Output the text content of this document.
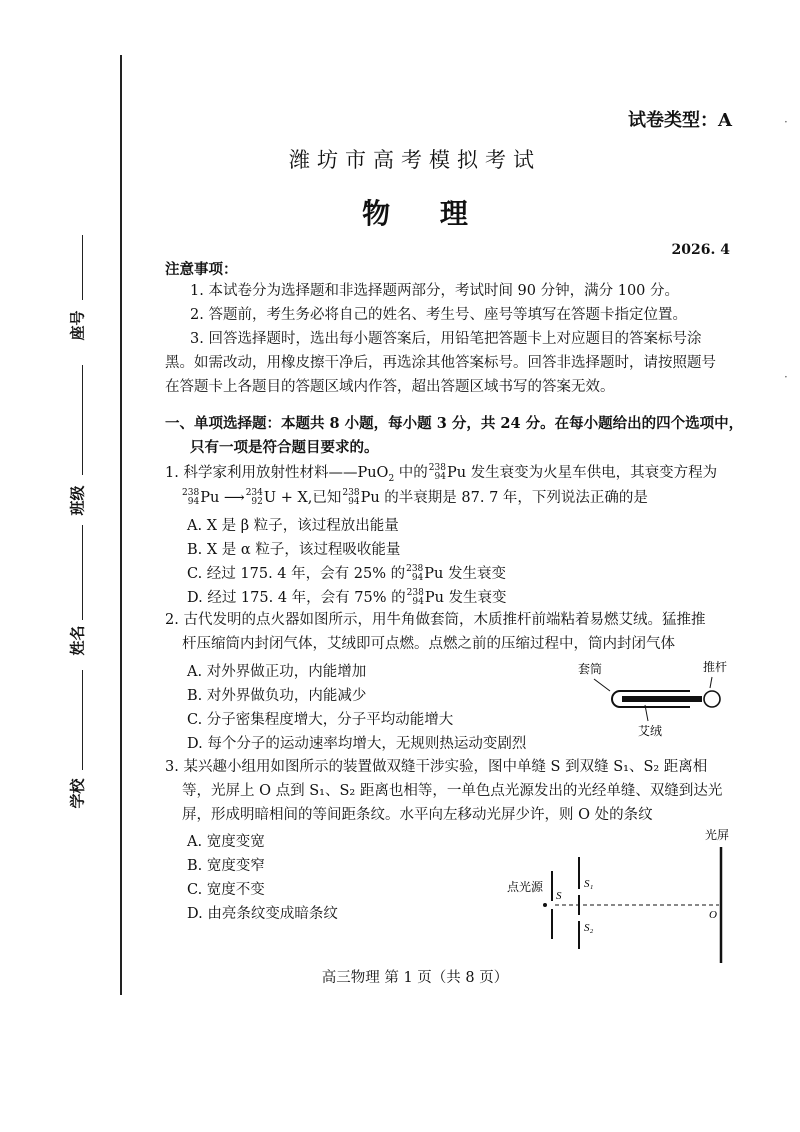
座号
班级
姓名
学校
试卷类型：A
潍坊市高考模拟考试
物 理
2026. 4
注意事项：
1. 本试卷分为选择题和非选择题两部分，考试时间 90 分钟，满分 100 分。
2. 答题前，考生务必将自己的姓名、考生号、座号等填写在答题卡指定位置。
3. 回答选择题时，选出每小题答案后，用铅笔把答题卡上对应题目的答案标号涂
黑。如需改动，用橡皮擦干净后，再选涂其他答案标号。回答非选择题时，请按照题号
在答题卡上各题目的答题区域内作答，超出答题区域书写的答案无效。
一、单项选择题：本题共 8 小题，每小题 3 分，共 24 分。在每小题给出的四个选项中，
只有一项是符合题目要求的。
1. 科学家利用放射性材料——PuO$_2$ 中的 238
94 Pu 发生衰变为火星车供电，其衰变方程为
238
94 Pu ⟶ 234
92 U + X,已知 238
94 Pu 的半衰期是 87. 7 年，下列说法正确的是
A. X 是 β 粒子，该过程放出能量
B. X 是 α 粒子，该过程吸收能量
C. 经过 175. 4 年，会有 25% 的 238
94 Pu 发生衰变
D. 经过 175. 4 年，会有 75% 的 238
94 Pu 发生衰变
2. 古代发明的点火器如图所示，用牛角做套筒，木质推杆前端粘着易燃艾绒。猛推推
杆压缩筒内封闭气体，艾绒即可点燃。点燃之前的压缩过程中，筒内封闭气体
A. 对外界做正功，内能增加
B. 对外界做负功，内能减少
C. 分子密集程度增大，分子平均动能增大
D. 每个分子的运动速率均增大，无规则热运动变剧烈
套筒	推杆
艾绒
3. 某兴趣小组用如图所示的装置做双缝干涉实验，图中单缝 S 到双缝 S₁、S₂ 距离相
等，光屏上 O 点到 S₁、S₂ 距离也相等，一单色点光源发出的光经单缝、双缝到达光
屏，形成明暗相间的等间距条纹。水平向左移动光屏少许，则 O 处的条纹
A. 宽度变宽
B. 宽度变窄
C. 宽度不变
D. 由亮条纹变成暗条纹
光屏
点光源
S
S₁
S₂
O
高三物理 第 1 页（共 8 页）
·
·
